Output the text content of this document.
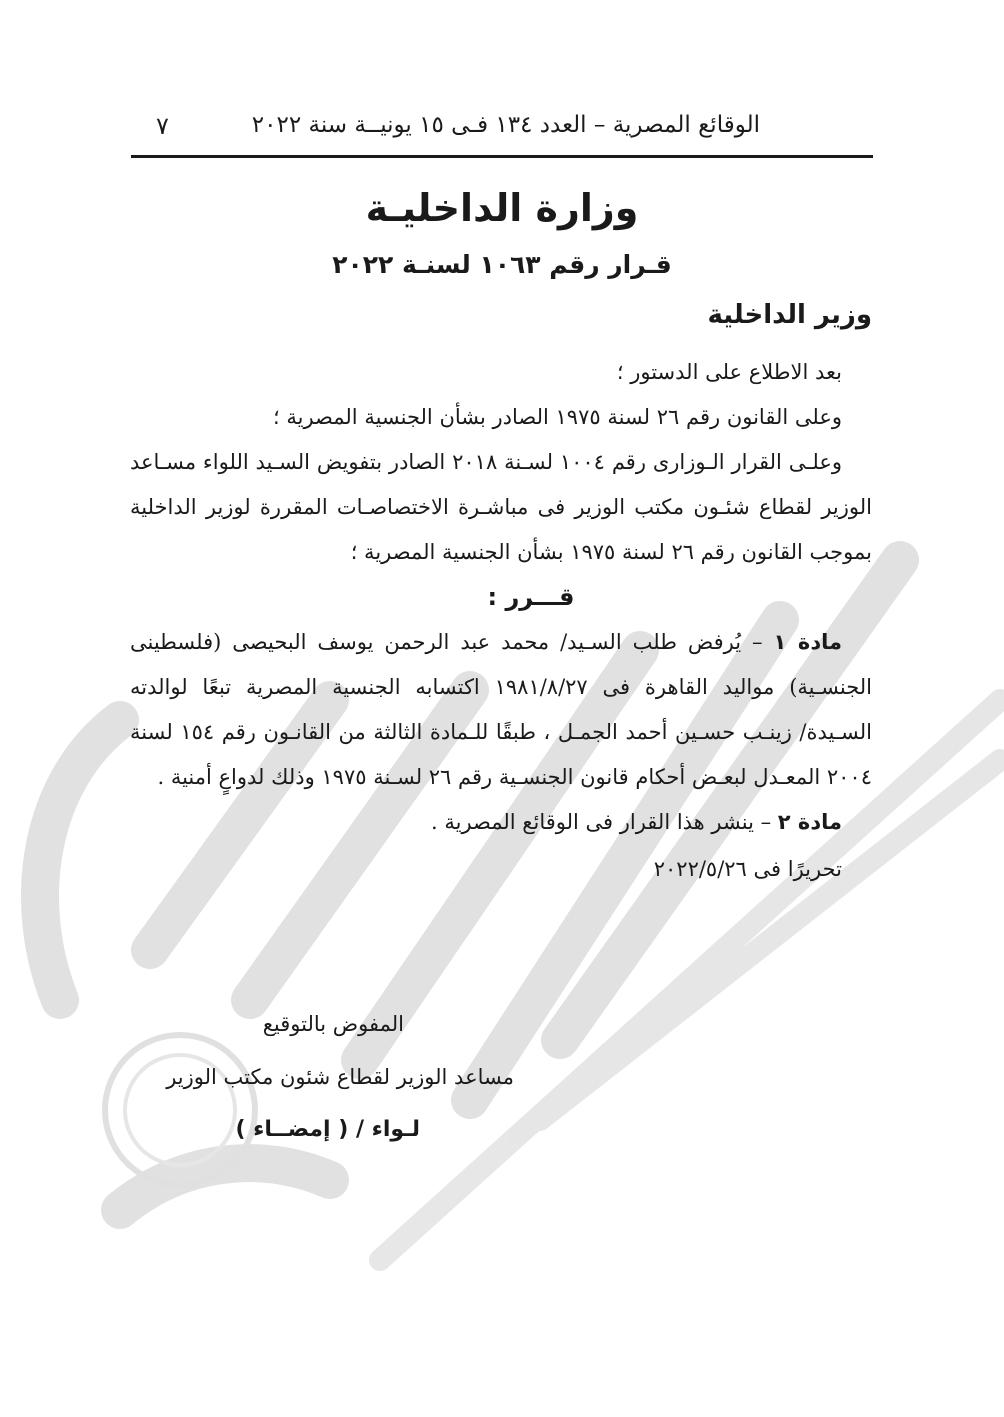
الوقائع المصرية – العدد ١٣٤ فـى ١٥ يونيــة سنة ٢٠٢٢
٧
وزارة الداخليـة
قـرار رقم ١٠٦٣ لسنـة ٢٠٢٢
وزير الداخلية

بعد الاطلاع على الدستور ؛

وعلى القانون رقم ٢٦ لسنة ١٩٧٥ الصادر بشأن الجنسية المصرية ؛

وعلـى القرار الـوزارى رقم ١٠٠٤ لسـنة ٢٠١٨ الصادر بتفويض السـيد اللواء مسـاعد الوزير لقطاع شئـون مكتب الوزير فى مباشـرة الاختصاصـات المقررة لوزير الداخلية بموجب القانون رقم ٢٦ لسنة ١٩٧٥ بشأن الجنسية المصرية ؛

قـــرر :

مادة ١ – يُرفض طلب السـيد/ محمد عبد الرحمن يوسف البحيصى (فلسطينى الجنسـية) مواليد القاهرة فى ١٩٨١/٨/٢٧ اكتسابه الجنسية المصرية تبعًا لوالدته السـيدة/ زينـب حسـين أحمد الجمـل ، طبقًا للـمادة الثالثة من القانـون رقم ١٥٤ لسنة ٢٠٠٤ المعـدل لبعـض أحكام قانون الجنسـية رقم ٢٦ لسـنة ١٩٧٥ وذلك لدواعٍ أمنية .

مادة ٢ – ينشر هذا القرار فى الوقائع المصرية .

تحريرًا فى ٢٠٢٢/٥/٢٦

المفوض بالتوقيع
مساعد الوزير لقطاع شئون مكتب الوزير
لـواء / ( إمضــاء )
